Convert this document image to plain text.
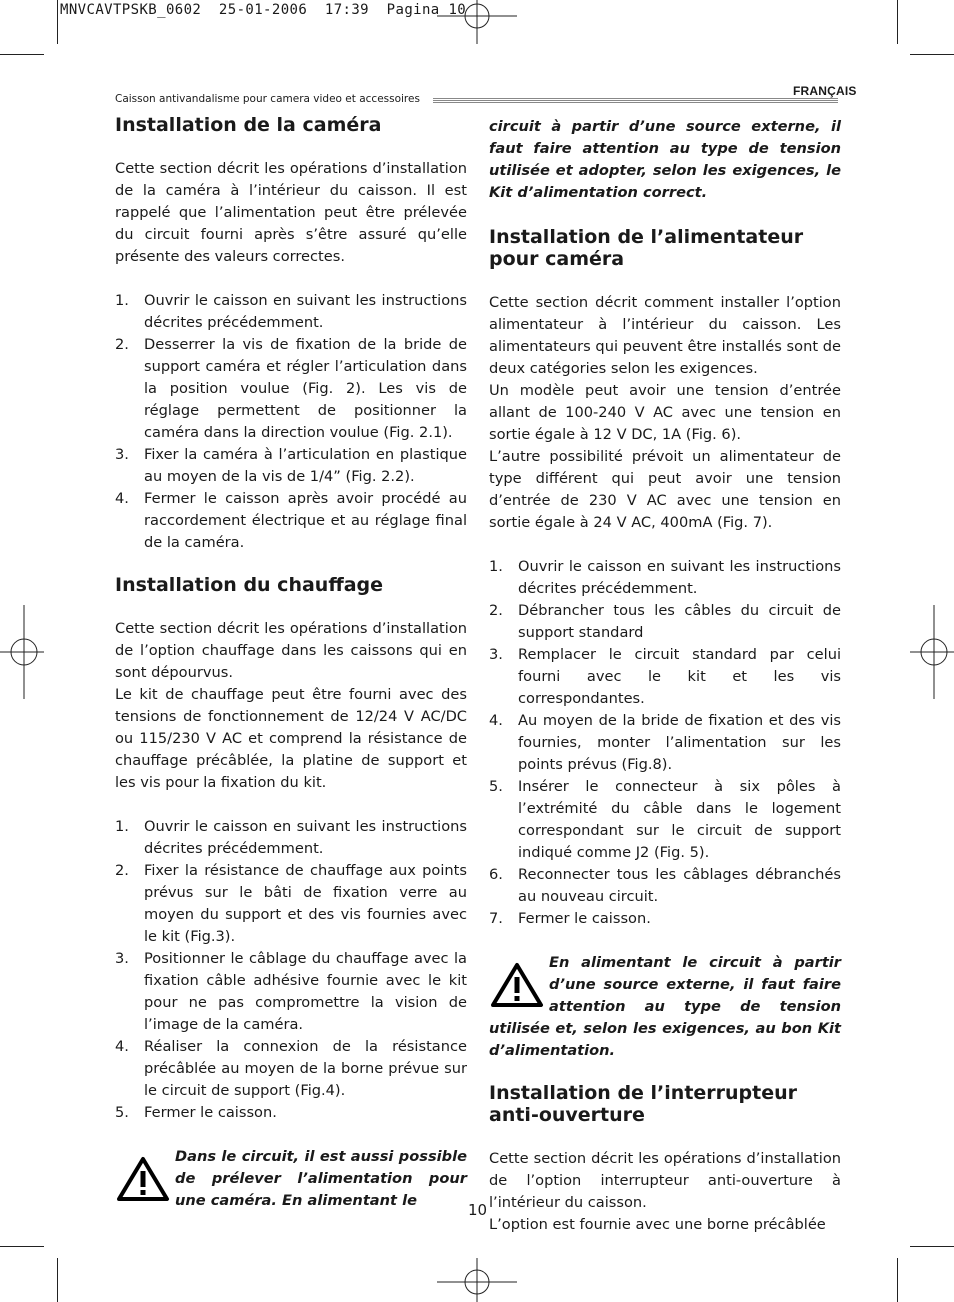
MNVCAVTPSKB_0602  25-01-2006  17:39  Pagina 10
Caisson antivandalisme pour camera video et accessoires
FRANÇAIS
Installation de la caméra

Cette section décrit les opérations d’installation de la caméra à l’intérieur du caisson. Il est rappelé que l’alimentation peut être prélevée du circuit fourni après s’être assuré qu’elle présente des valeurs correctes.

1. Ouvrir le caisson en suivant les instructions décrites précédemment.
2. Desserrer la vis de fixation de la bride de support caméra et régler l’articulation dans la position voulue (Fig. 2). Les vis de réglage permettent de positionner la caméra dans la direction voulue (Fig. 2.1).
3. Fixer la caméra à l’articulation en plastique au moyen de la vis de 1/4” (Fig. 2.2).
4. Fermer le caisson après avoir procédé au raccordement électrique et au réglage final de la caméra.
Installation du chauffage

Cette section décrit les opérations d’installation de l’option chauffage dans les caissons qui en sont dépourvus.

Le kit de chauffage peut être fourni avec des tensions de fonctionnement de 12/24 V AC/DC ou 115/230 V AC et comprend la résistance de chauffage précâblée, la platine de support et les vis pour la fixation du kit.

1. Ouvrir le caisson en suivant les instructions décrites précédemment.
2. Fixer la résistance de chauffage aux points prévus sur le bâti de fixation verre au moyen du support et des vis fournies avec le kit (Fig.3).
3. Positionner le câblage du chauffage avec la fixation câble adhésive fournie avec le kit pour ne pas compromettre la vision de l’image de la caméra.
4. Réaliser la connexion de la résistance précâblée au moyen de la borne prévue sur le circuit de support (Fig.4).
5. Fermer le caisson.

Dans le circuit, il est aussi possible de prélever l’alimentation pour une caméra. En alimentant le

circuit à partir d’une source externe, il faut faire attention au type de tension utilisée et adopter, selon les exigences, le Kit d’alimentation correct.

Installation de l’alimentateur pour caméra

Cette section décrit comment installer l’option alimentateur à l’intérieur du caisson. Les alimentateurs qui peuvent être installés sont de deux catégories selon les exigences.

Un modèle peut avoir une tension d’entrée allant de 100-240 V AC avec une tension en sortie égale à 12 V DC, 1A (Fig. 6).

L’autre possibilité prévoit un alimentateur de type différent qui peut avoir une tension d’entrée de 230 V AC avec une tension en sortie égale à 24 V AC, 400mA (Fig. 7).

1. Ouvrir le caisson en suivant les instructions décrites précédemment.
2. Débrancher tous les câbles du circuit de support standard
3. Remplacer le circuit standard par celui fourni avec le kit et les vis correspondantes.
4. Au moyen de la bride de fixation et des vis fournies, monter l’alimentation sur les points prévus (Fig.8).
5. Insérer le connecteur à six pôles à l’extrémité du câble dans le logement correspondant sur le circuit de support indiqué comme J2 (Fig. 5).
6. Reconnecter tous les câblages débranchés au nouveau circuit.
7. Fermer le caisson.

En alimentant le circuit à partir d’une source externe, il faut faire attention au type de tension utilisée et, selon les exigences, au bon Kit d’alimentation.

Installation de l’interrupteur anti-ouverture

Cette section décrit les opérations d’installation de l’option interrupteur anti-ouverture à l’intérieur du caisson.

L’option est fournie avec une borne précâblée

10
